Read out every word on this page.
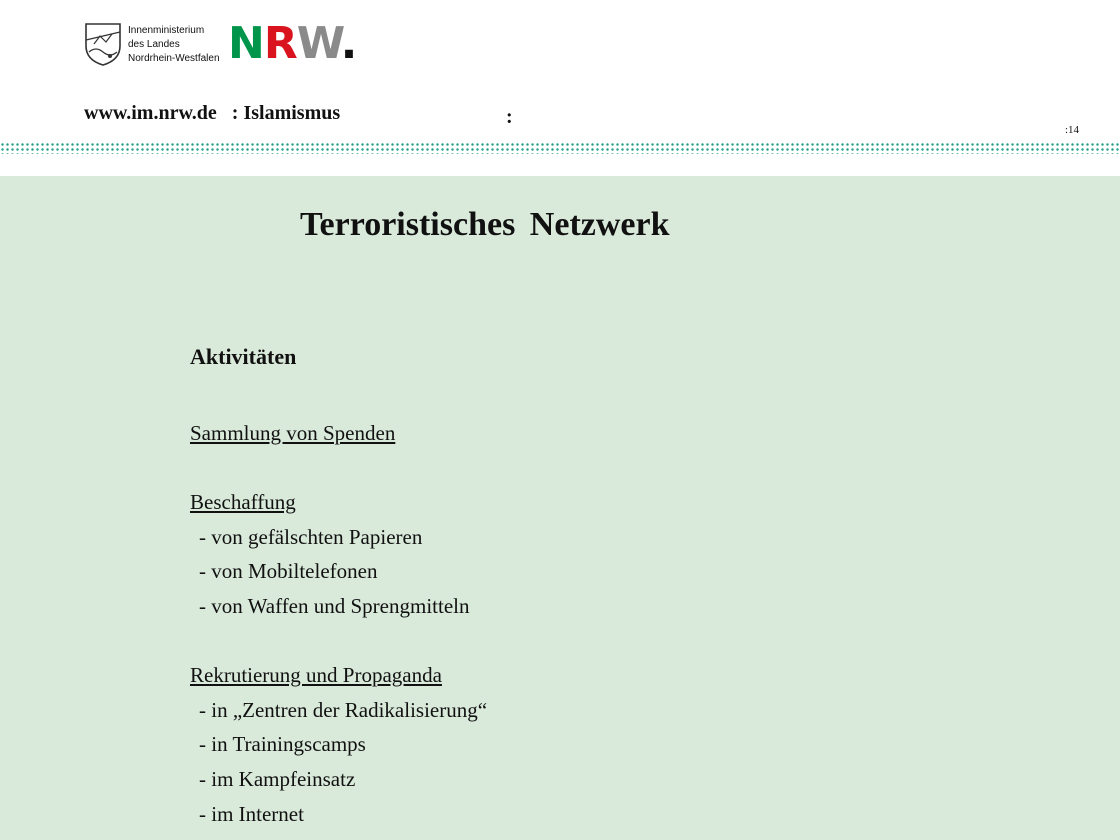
Innenministerium
des Landes
Nordrhein-Westfalen NRW.
www.im.nrw.de   : Islamismus	:
:14
Terroristisches Netzwerk
Aktivitäten
Sammlung von Spenden
Beschaffung
- von gefälschten Papieren
- von Mobiltelefonen
- von Waffen und Sprengmitteln
Rekrutierung und Propaganda
- in „Zentren der Radikalisierung“
- in Trainingscamps
- im Kampfeinsatz
- im Internet
